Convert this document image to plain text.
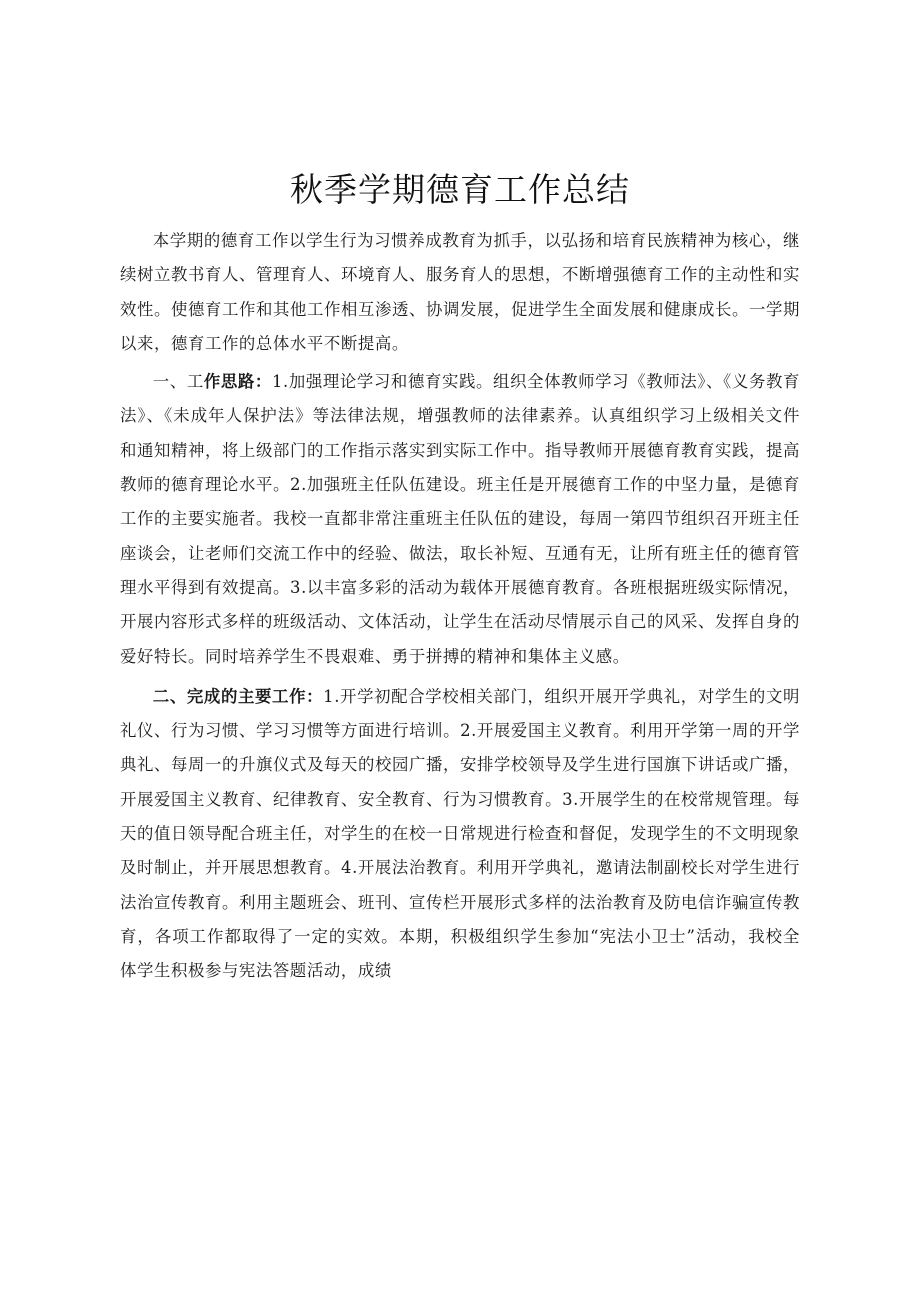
秋季学期德育工作总结

本学期的德育工作以学生行为习惯养成教育为抓手，以弘扬和培育民族精神为核心，继续树立教书育人、管理育人、环境育人、服务育人的思想，不断增强德育工作的主动性和实效性。使德育工作和其他工作相互渗透、协调发展，促进学生全面发展和健康成长。一学期以来，德育工作的总体水平不断提高。

一、工作思路：1.加强理论学习和德育实践。组织全体教师学习《教师法》、《义务教育法》、《未成年人保护法》等法律法规，增强教师的法律素养。认真组织学习上级相关文件和通知精神，将上级部门的工作指示落实到实际工作中。指导教师开展德育教育实践，提高教师的德育理论水平。2.加强班主任队伍建设。班主任是开展德育工作的中坚力量，是德育工作的主要实施者。我校一直都非常注重班主任队伍的建设，每周一第四节组织召开班主任座谈会，让老师们交流工作中的经验、做法，取长补短、互通有无，让所有班主任的德育管理水平得到有效提高。3.以丰富多彩的活动为载体开展德育教育。各班根据班级实际情况，开展内容形式多样的班级活动、文体活动，让学生在活动尽情展示自己的风采、发挥自身的爱好特长。同时培养学生不畏艰难、勇于拼搏的精神和集体主义感。

二、完成的主要工作：1.开学初配合学校相关部门，组织开展开学典礼，对学生的文明礼仪、行为习惯、学习习惯等方面进行培训。2.开展爱国主义教育。利用开学第一周的开学典礼、每周一的升旗仪式及每天的校园广播，安排学校领导及学生进行国旗下讲话或广播，开展爱国主义教育、纪律教育、安全教育、行为习惯教育。3.开展学生的在校常规管理。每天的值日领导配合班主任，对学生的在校一日常规进行检查和督促，发现学生的不文明现象及时制止，并开展思想教育。4.开展法治教育。利用开学典礼，邀请法制副校长对学生进行法治宣传教育。利用主题班会、班刊、宣传栏开展形式多样的法治教育及防电信诈骗宣传教育，各项工作都取得了一定的实效。本期，积极组织学生参加“宪法小卫士”活动，我校全体学生积极参与宪法答题活动，成绩
